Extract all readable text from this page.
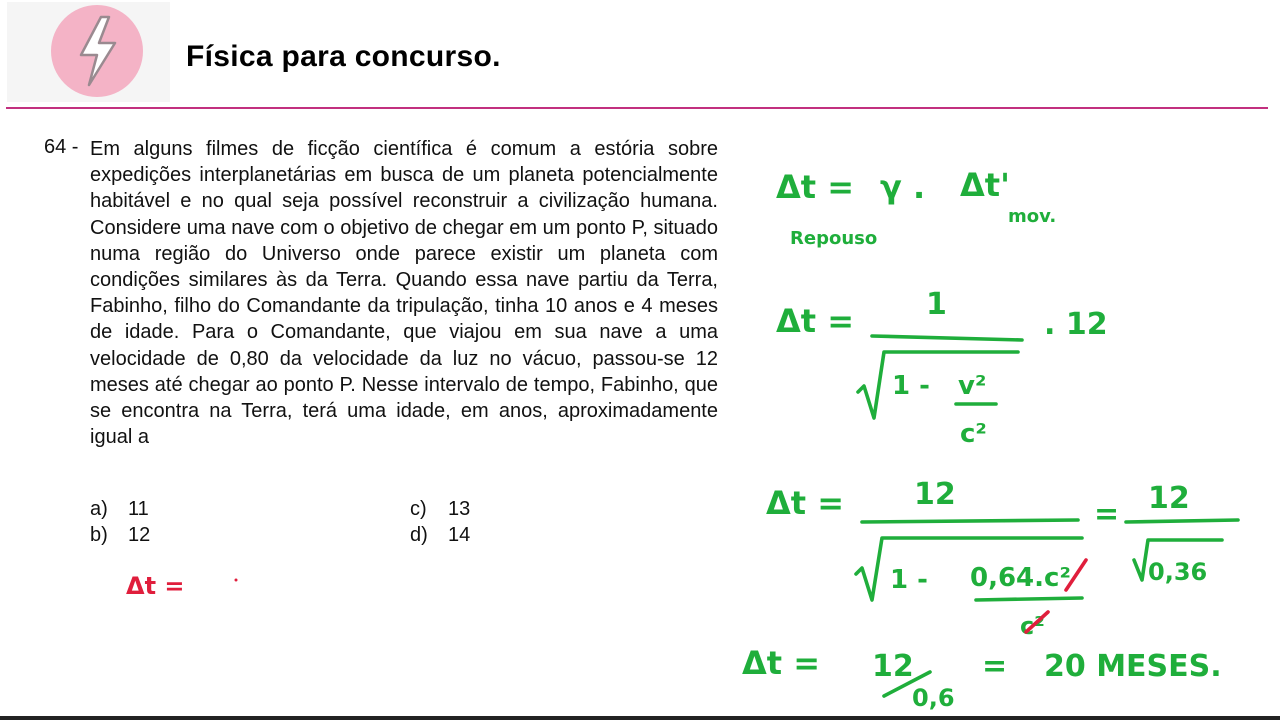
Física para concurso.
64 - Em alguns filmes de ficção científica é comum a estória sobre expedições interplanetárias em busca de um planeta potencialmente habitável e no qual seja possível reconstruir a civilização humana. Considere uma nave com o objetivo de chegar em um ponto P, situado numa região do Universo onde parece existir um planeta com condições similares às da Terra. Quando essa nave partiu da Terra, Fabinho, filho do Comandante da tripulação, tinha 10 anos e 4 meses de idade. Para o Comandante, que viajou em sua nave a uma velocidade de 0,80 da velocidade da luz no vácuo, passou-se 12 meses até chegar ao ponto P. Nesse intervalo de tempo, Fabinho, que se encontra na Terra, terá uma idade, em anos, aproximadamente igual a
a) 11
b) 12
c) 13
d) 14
Δt =
Δt = γ . Δt'
Repouso
mov.
Δt = 1
1 - v²
c²
. 12
Δt = 12
1 - 0,64.c²
c²
= 12
0,36
Δt = 12
0,6
= 20 MESES.
